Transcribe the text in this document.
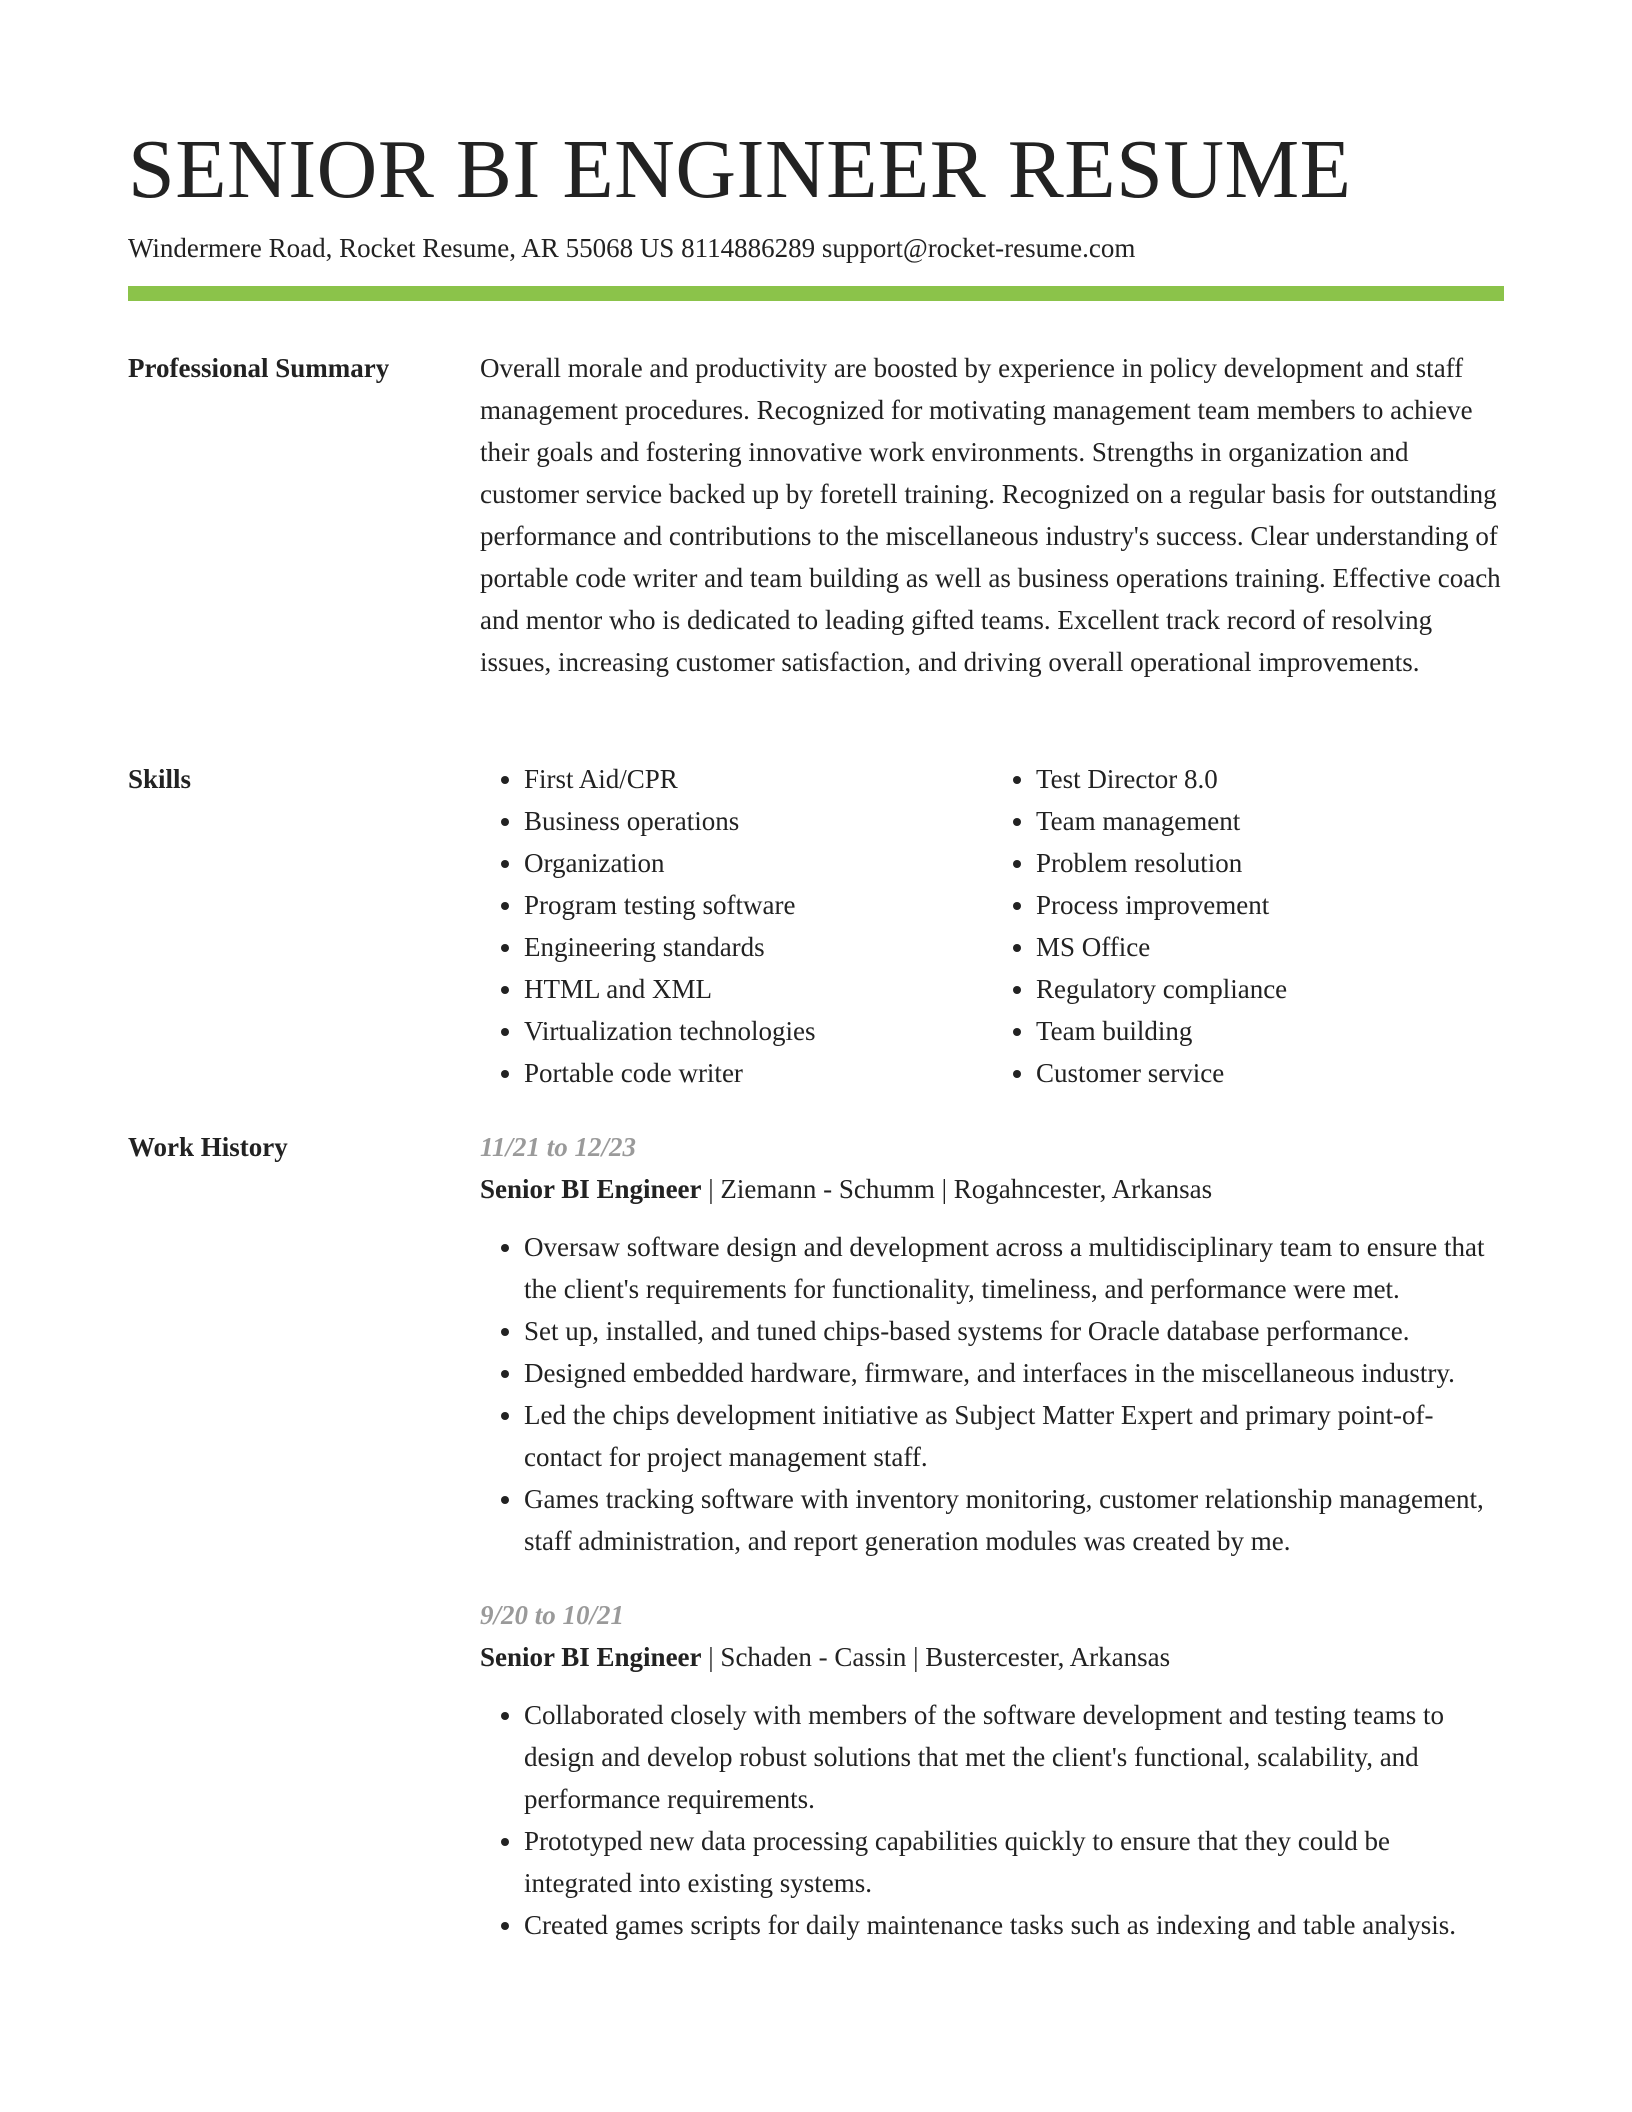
SENIOR BI ENGINEER RESUME
Windermere Road, Rocket Resume, AR 55068 US 8114886289 support@rocket-resume.com
Professional Summary	Overall morale and productivity are boosted by experience in policy development and staff management procedures. Recognized for motivating management team members to achieve their goals and fostering innovative work environments. Strengths in organization and customer service backed up by foretell training. Recognized on a regular basis for outstanding performance and contributions to the miscellaneous industry's success. Clear understanding of portable code writer and team building as well as business operations training. Effective coach and mentor who is dedicated to leading gifted teams. Excellent track record of resolving issues, increasing customer satisfaction, and driving overall operational improvements.

Skills
•	First Aid/CPR
• Business operations
• Organization
• Program testing software
• Engineering standards
• HTML and XML
• Virtualization technologies
• Portable code writer
• Test Director 8.0
• Team management
• Problem resolution
• Process improvement
• MS Office
• Regulatory compliance
• Team building
• Customer service
Work History	11/21 to 12/23

Senior BI Engineer | Ziemann - Schumm | Rogahncester, Arkansas

• Oversaw software design and development across a multidisciplinary team to ensure that the client's requirements for functionality, timeliness, and performance were met.
• Set up, installed, and tuned chips-based systems for Oracle database performance.
• Designed embedded hardware, firmware, and interfaces in the miscellaneous industry.
• Led the chips development initiative as Subject Matter Expert and primary point-of-contact for project management staff.
• Games tracking software with inventory monitoring, customer relationship management, staff administration, and report generation modules was created by me.

9/20 to 10/21

Senior BI Engineer | Schaden - Cassin | Bustercester, Arkansas

• Collaborated closely with members of the software development and testing teams to design and develop robust solutions that met the client's functional, scalability, and performance requirements.
• Prototyped new data processing capabilities quickly to ensure that they could be integrated into existing systems.
• Created games scripts for daily maintenance tasks such as indexing and table analysis.
